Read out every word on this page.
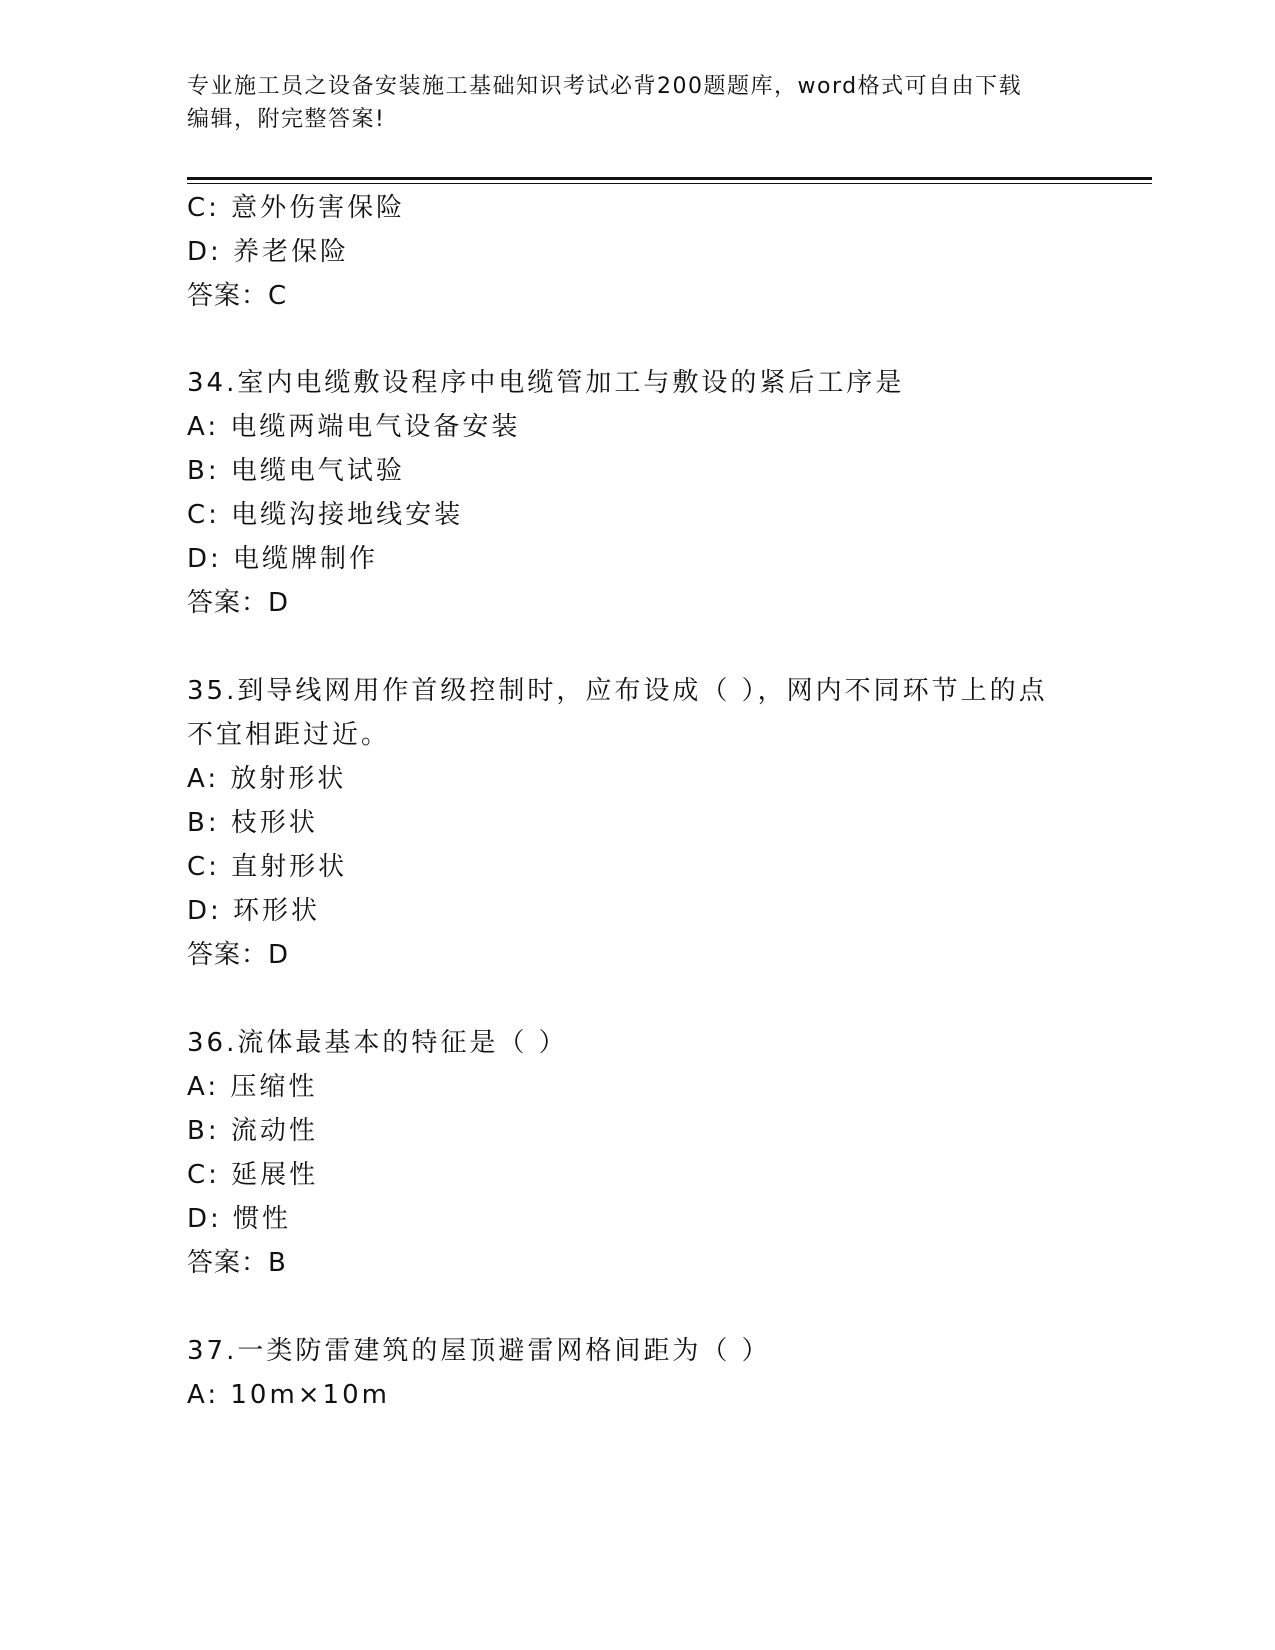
专业施工员之设备安装施工基础知识考试必背200题题库，word格式可自由下载
编辑，附完整答案!
C: 意外伤害保险
D: 养老保险
答案：C
34.室内电缆敷设程序中电缆管加工与敷设的紧后工序是
A: 电缆两端电气设备安装
B: 电缆电气试验
C: 电缆沟接地线安装
D: 电缆牌制作
答案：D
35.到导线网用作首级控制时，应布设成（ ），网内不同环节上的点
不宜相距过近。
A: 放射形状
B: 枝形状
C: 直射形状
D: 环形状
答案：D
36.流体最基本的特征是（ ）
A: 压缩性
B: 流动性
C: 延展性
D: 惯性
答案：B
37.一类防雷建筑的屋顶避雷网格间距为（ ）
A: 10m×10m
